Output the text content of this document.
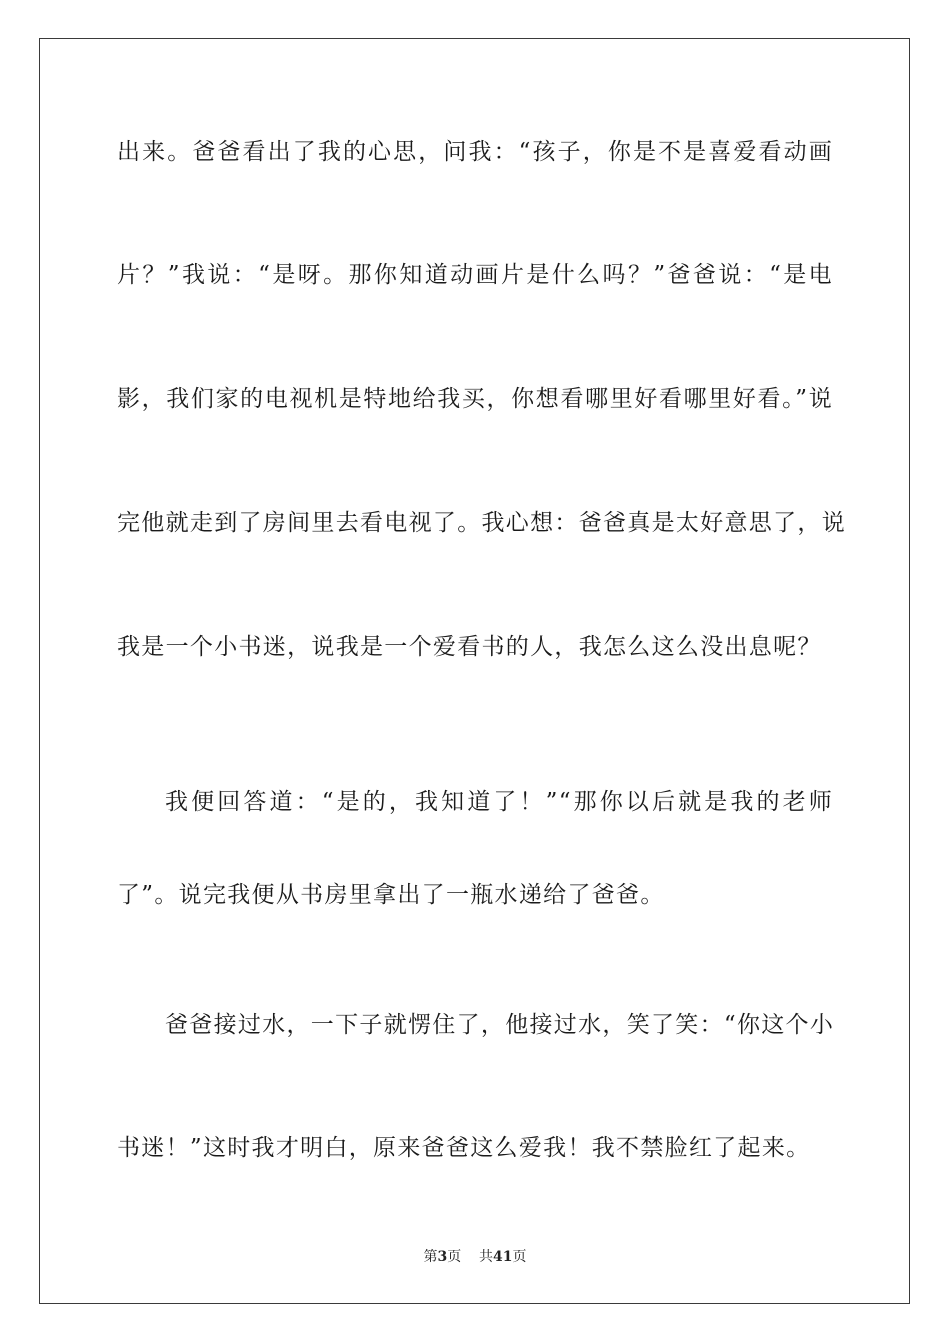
出来。爸爸看出了我的心思，问我：“孩子，你是不是喜爱看动画
片？”我说：“是呀。那你知道动画片是什么吗？”爸爸说：“是电
影，我们家的电视机是特地给我买，你想看哪里好看哪里好看。”说
完他就走到了房间里去看电视了。我心想：爸爸真是太好意思了，说
我是一个小书迷，说我是一个爱看书的人，我怎么这么没出息呢？
我便回答道：“是的，我知道了！”“那你以后就是我的老师
了”。说完我便从书房里拿出了一瓶水递给了爸爸。
爸爸接过水，一下子就愣住了，他接过水，笑了笑：“你这个小
书迷！”这时我才明白，原来爸爸这么爱我！我不禁脸红了起来。
第3页 共41页
